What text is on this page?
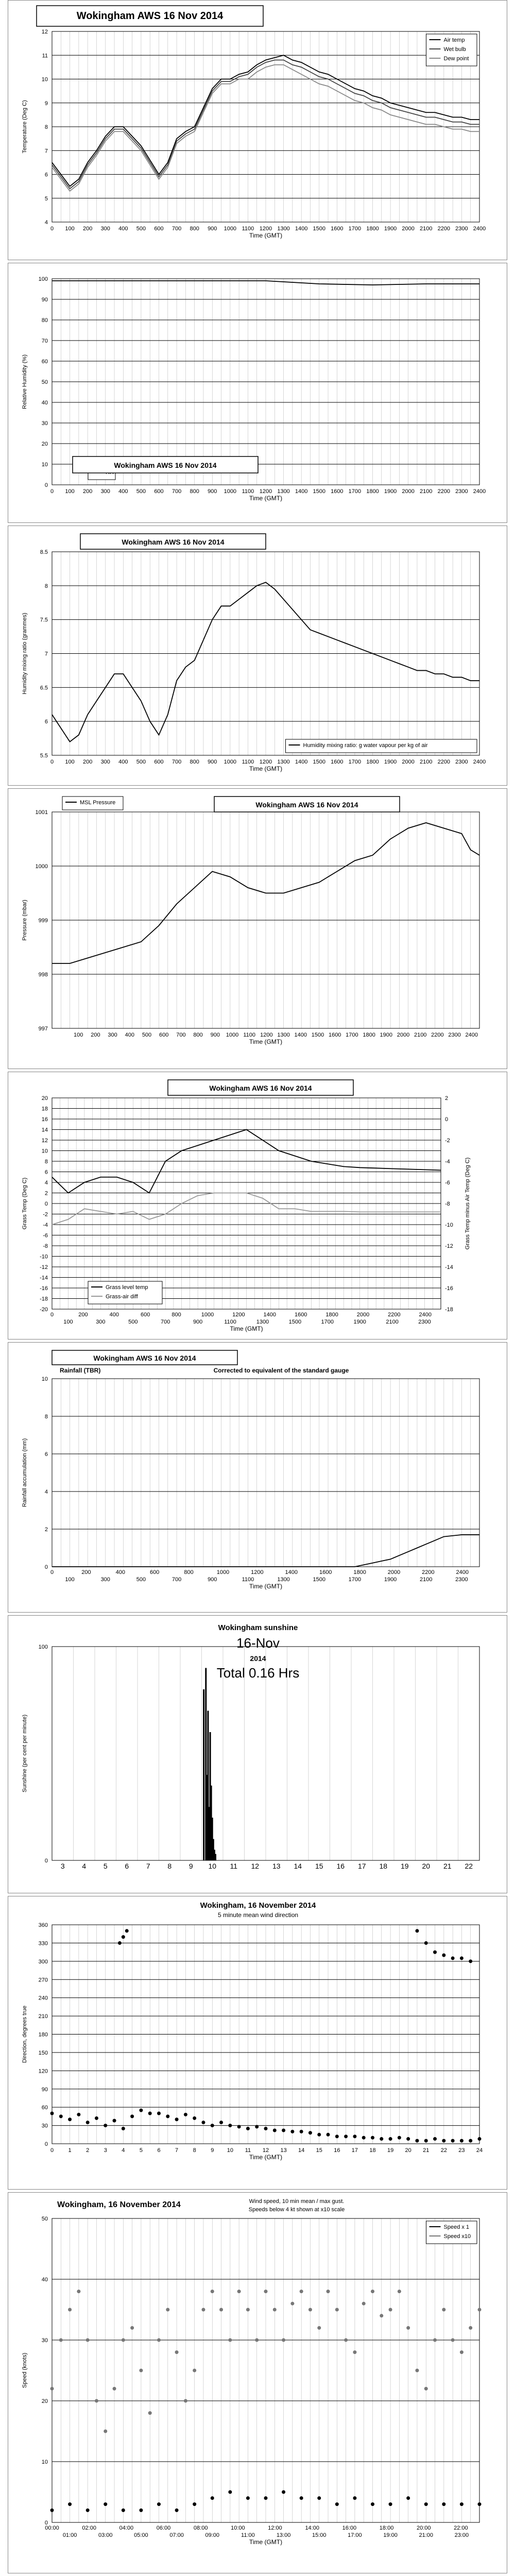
4
5
6
7
8
9
10
11
12
0 100 200 300 400 500 600 700 800 900 1000 1100 1200 1300 1400 1500 1600 1700 1800 1900 2000 2100 2200 2300 2400
Time (GMT)
Temperature (Deg C)
Air temp
Wet bulb
Dew point
Wokingham AWS 16 Nov 2014
0
10
20
30
40
50
60
70
80
90
100
0 100 200 300 400 500 600 700 800 900 1000 1100 1200 1300 1400 1500 1600 1700 1800 1900 2000 2100 2200 2300 2400
Time (GMT)
Relative Humidity (%)
Wokingham AWS 16 Nov 2014
5.5
6
6.5
7
7.5
8
8.5
0 100 200 300 400 500 600 700 800 900 1000 1100 1200 1300 1400 1500 1600 1700 1800 1900 2000 2100 2200 2300 2400
Time (GMT)
Humidity mixing ratio (grammes)
Humidity mixing ratio: g water vapour per kg of air
Wokingham AWS 16 Nov 2014
997
998
999
1000
1001
100 200 300 400 500 600 700 800 900 1000 1100 1200 1300 1400 1500 1600 1700 1800 1900 2000 2100 2200 2300 2400
Time (GMT)
Pressure (mbar)
MSL Pressure	Wokingham AWS 16 Nov 2014
-20
-18
-16
-14
-12
-10
-8
-6
-4
-2
0
2
4
6
8
10
12
14
16
18
20
-18
-16
-14
-12
-10
-8
-6
-4
-2
0
2
Grass Temp minus Air Temp (Deg C)
0	200	400	600	800	1000	1200	1400	1600	1800	2000	2200	2400
100	300	500	700	900	1100	1300	1500	1700	1900	2100	2300
Time (GMT)
Grass Temp (Deg C)
Grass level temp
Grass-air diff
Wokingham AWS 16 Nov 2014
0
2
4
6
8
10
0	200	400	600	800	1000	1200	1400	1600	1800	2000	2200	2400
100	300	500	700	900	1100	1300	1500	1700	1900	2100	2300
Time (GMT)
Rainfall accumulation (mm)
Wokingham AWS 16 Nov 2014
Rainfall (TBR)	Corrected to equivalent of the standard gauge
0
100
3 4 5 6 7 8 9 10 11 12 13 14 15 16 17 18 19 20 21 22
Sunshine (per cent per minute)
Wokingham sunshine
16-Nov
2014
Total 0.16 Hrs
0
30
60
90
120
150
180
210
240
270
300
330
360
0	1	2	3	4	5	6	7	8	9 10 11 12 13 14 15 16 17 18 19 20 21 22 23 24
Time (GMT)
Direction, degrees true
Wokingham, 16 November 2014
5 minute mean wind direction
0
10
20
30
40
50
00:00	02:00	04:00	06:00	08:00	10:00	12:00	14:00	16:00	18:00	20:00	22:00
01:00	03:00	05:00	07:00	09:00	11:00	13:00	15:00	17:00	19:00	21:00	23:00
Time (GMT)
Speed (knots)
Speed x 1
Speed x10
Wokingham, 16 November 2014	Wind speed, 10 min mean / max gust.
Speeds below 4 kt shown at x10 scale
